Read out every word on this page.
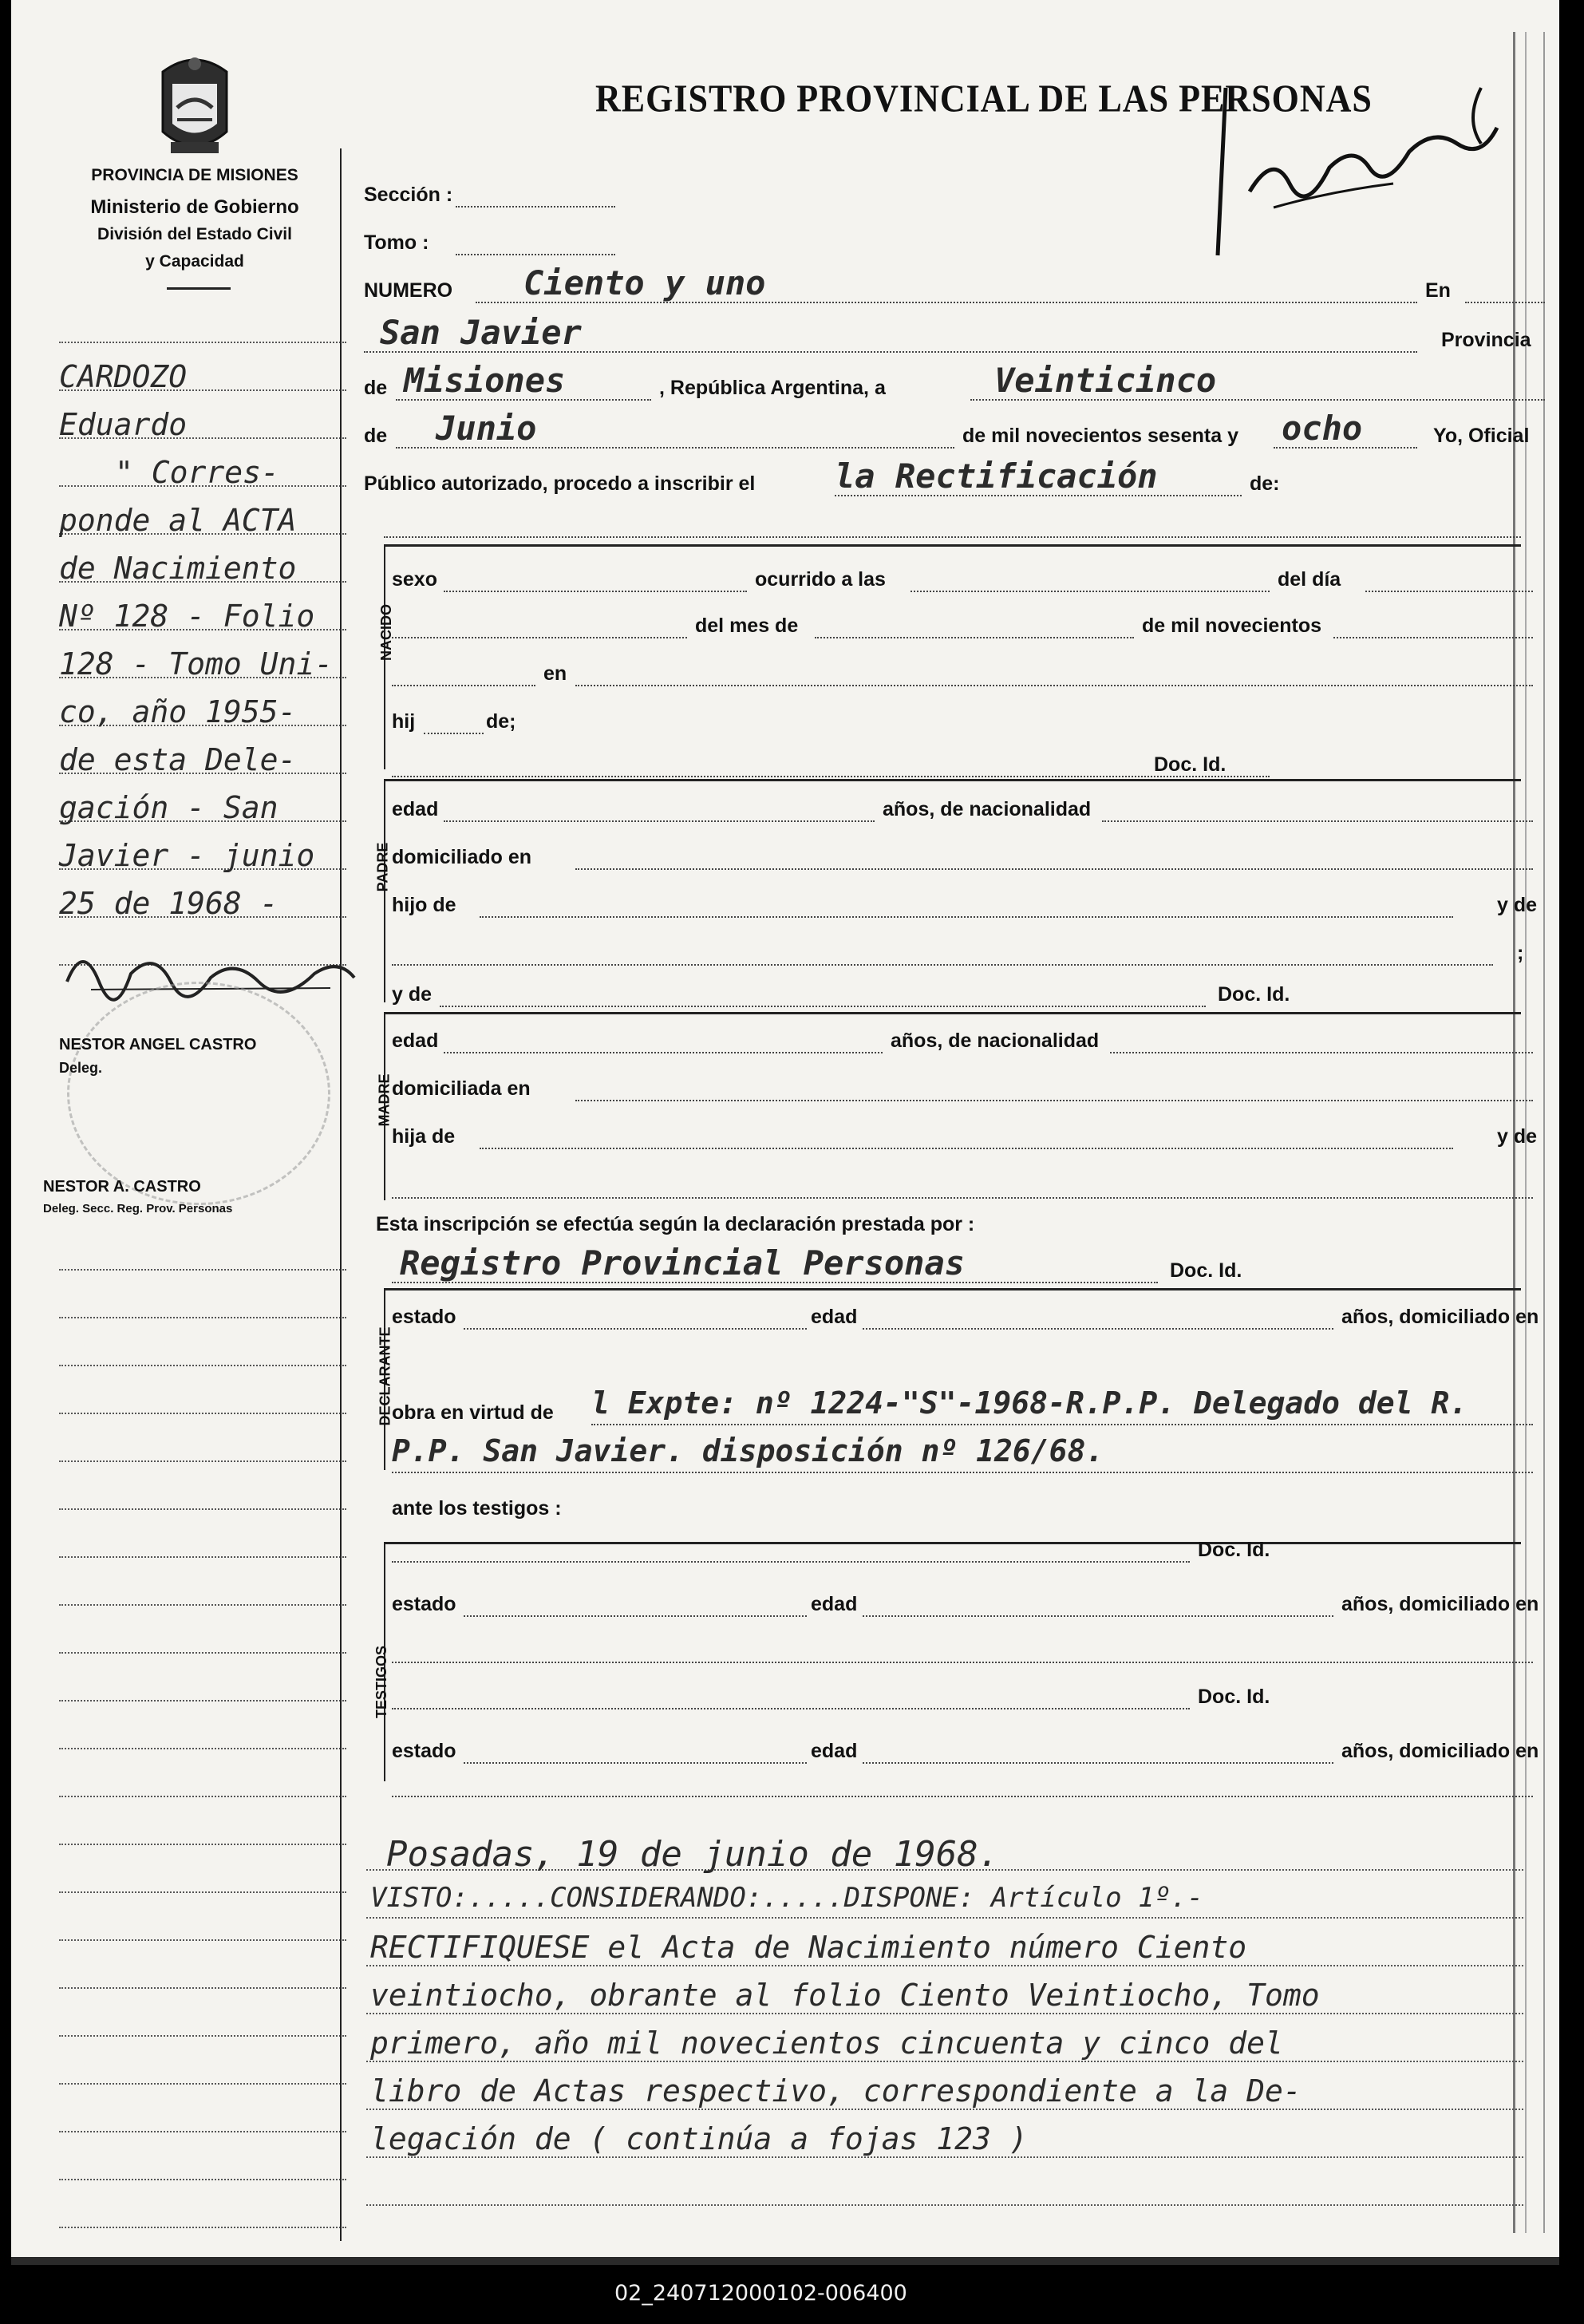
PROVINCIA DE MISIONES
Ministerio de Gobierno
División del Estado Civil
y Capacidad
CARDOZO
Eduardo
" Corres-
ponde al ACTA
de Nacimiento
Nº 128 - Folio
128 - Tomo Uni-
co, año 1955-
de esta Dele-
gación - San
Javier - junio
25 de 1968 -
NESTOR ANGEL CASTRO
Deleg.
NESTOR A. CASTRO
Deleg. Secc. Reg. Prov. Personas
REGISTRO PROVINCIAL DE LAS PERSONAS
Sección :
Tomo :
NUMERO Ciento y uno	En
San Javier	Provincia
de Misiones	, República Argentina, a	Veinticinco
de Junio	de mil novecientos sesenta y ocho	Yo, Oficial
Público autorizado, procedo a inscribir el la Rectificación	de:
NACIDO
sexo	ocurrido a las	del día
del mes de	de mil novecientos
en
hij	de;
Doc. Id.
PADRE
edad	años, de nacionalidad
domiciliado en
hijo de	y de
;
y de	Doc. Id.
MADRE
edad	años, de nacionalidad
domiciliada en
hija de	y de
Esta inscripción se efectúa según la declaración prestada por :
Registro Provincial Personas	Doc. Id.
DECLARANTE
estado	edad	años, domiciliado en
obra en virtud de l Expte: nº 1224-"S"-1968-R.P.P. Delegado del R.
P.P. San Javier. disposición nº 126/68.
ante los testigos :
TESTIGOS
Doc. Id.
estado	edad	años, domiciliado en
Doc. Id.
estado	edad	años, domiciliado en
Posadas, 19 de junio de 1968.
VISTO:.....CONSIDERANDO:.....DISPONE: Artículo 1º.-
RECTIFIQUESE el Acta de Nacimiento número Ciento
veintiocho, obrante al folio Ciento Veintiocho, Tomo
primero, año mil novecientos cincuenta y cinco del
libro de Actas respectivo, correspondiente a la De-
legación de ( continúa a fojas 123 )
02_240712000102-006400
